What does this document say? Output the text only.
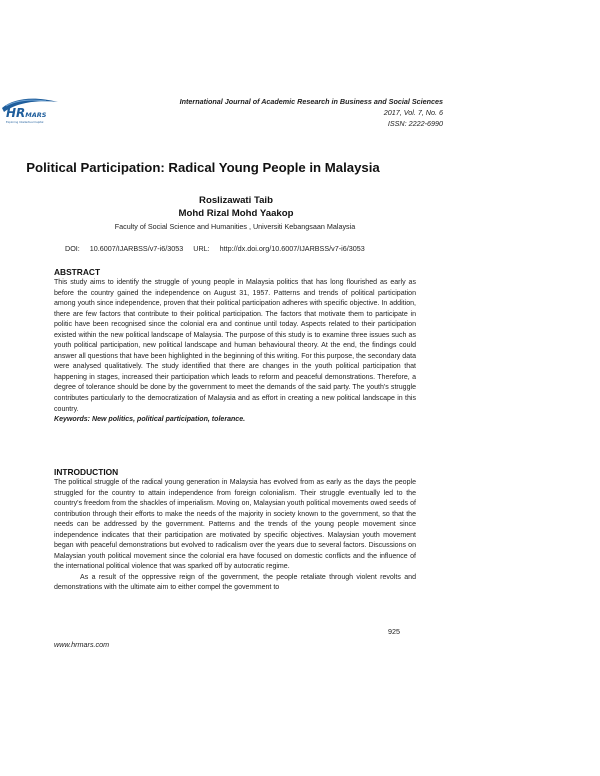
HRMARS
Exploring Intellectual Capital
International Journal of Academic Research in Business and Social Sciences
2017, Vol. 7, No. 6
ISSN: 2222-6990
Political Participation: Radical Young People in Malaysia
Roslizawati Taib
Mohd Rizal Mohd Yaakop
Faculty of Social Science and Humanities , Universiti Kebangsaan Malaysia
DOI: 10.6007/IJARBSS/v7-i6/3053 URL: http://dx.doi.org/10.6007/IJARBSS/v7-i6/3053
ABSTRACT

This study aims to identify the struggle of young people in Malaysia politics that has long flourished as early as before the country gained the independence on August 31, 1957. Patterns and trends of political participation among youth since independence, proven that their political participation adheres with specific objective. In addition, there are few factors that contribute to their political participation. The factors that motivate them to participate in politic have been recognised since the colonial era and continue until today. Aspects related to their participation existed within the new political landscape of Malaysia. The purpose of this study is to examine three issues such as youth political participation, new political landscape and human behavioural theory. At the end, the findings could answer all questions that have been highlighted in the beginning of this writing. For this purpose, the secondary data were analysed qualitatively. The study identified that there are changes in the youth political participation that happening in stages, increased their participation which leads to reform and peaceful demonstrations. Therefore, a degree of tolerance should be done by the government to meet the demands of the said party. The youth's struggle contributes particularly to the democratization of Malaysia and as effort in creating a new political landscape in this country.

Keywords: New politics, political participation, tolerance.

INTRODUCTION

The political struggle of the radical young generation in Malaysia has evolved from as early as the days the people struggled for the country to attain independence from foreign colonialism. Their struggle eventually led to the country's freedom from the shackles of imperialism. Moving on, Malaysian youth political movements owed seeds of contribution through their efforts to make the needs of the majority in society known to the government, so that the needs can be addressed by the government. Patterns and the trends of the young people movement since independence indicates that their participation are motivated by specific objectives. Malaysian youth movement began with peaceful demonstrations but evolved to radicalism over the years due to several factors. Discussions on Malaysian youth political movement since the colonial era have focused on domestic conflicts and the influence of the international political violence that was sparked off by autocratic regime.

As a result of the oppressive reign of the government, the people retaliate through violent revolts and demonstrations with the ultimate aim to either compel the government to

925
www.hrmars.com
